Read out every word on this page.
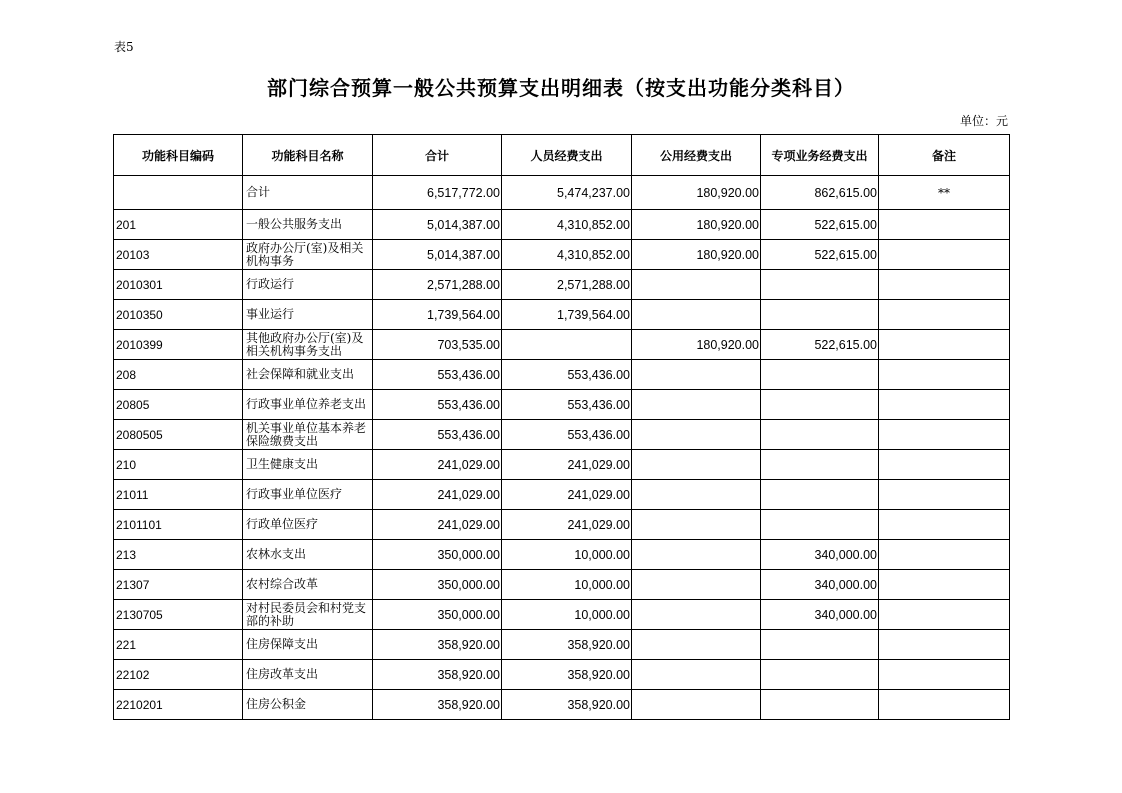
表5
部门综合预算一般公共预算支出明细表（按支出功能分类科目）
单位：元
功能科目编码	功能科目名称	合计	人员经费支出	公用经费支出	专项业务经费支出	备注
	合计	6,517,772.00	5,474,237.00	180,920.00	862,615.00	**
201	一般公共服务支出	5,014,387.00	4,310,852.00	180,920.00	522,615.00	
20103	政府办公厅(室)及相关机构事务	5,014,387.00	4,310,852.00	180,920.00	522,615.00	
2010301	行政运行	2,571,288.00	2,571,288.00			
2010350	事业运行	1,739,564.00	1,739,564.00			
2010399	其他政府办公厅(室)及相关机构事务支出	703,535.00		180,920.00	522,615.00	
208	社会保障和就业支出	553,436.00	553,436.00			
20805	行政事业单位养老支出	553,436.00	553,436.00			
2080505	机关事业单位基本养老保险缴费支出	553,436.00	553,436.00			
210	卫生健康支出	241,029.00	241,029.00			
21011	行政事业单位医疗	241,029.00	241,029.00			
2101101	行政单位医疗	241,029.00	241,029.00			
213	农林水支出	350,000.00	10,000.00		340,000.00	
21307	农村综合改革	350,000.00	10,000.00		340,000.00	
2130705	对村民委员会和村党支部的补助	350,000.00	10,000.00		340,000.00	
221	住房保障支出	358,920.00	358,920.00			
22102	住房改革支出	358,920.00	358,920.00			
2210201	住房公积金	358,920.00	358,920.00			
